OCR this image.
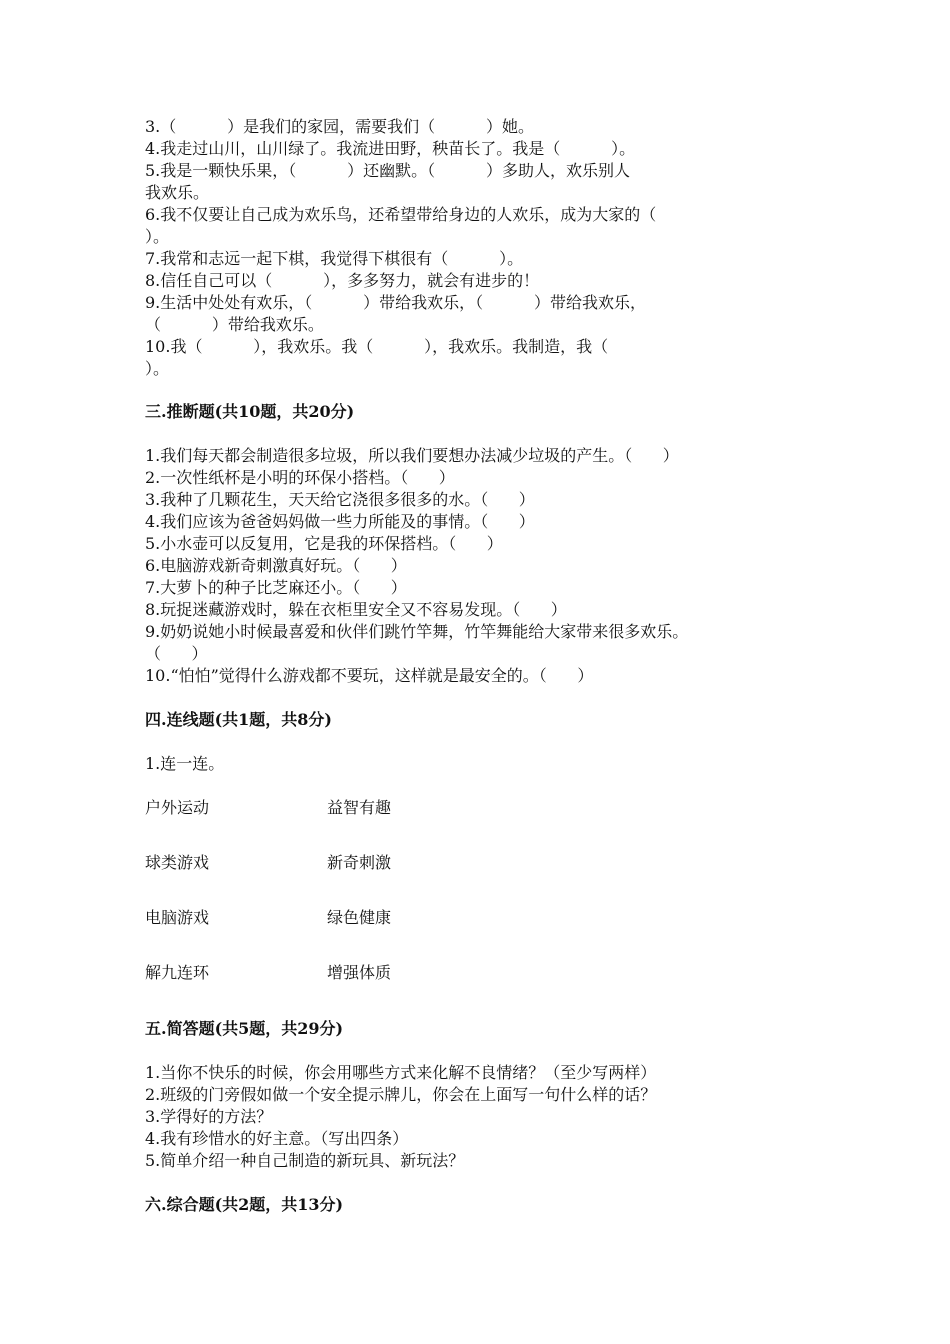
3.（          ）是我们的家园，需要我们（          ）她。

4.我走过山川，山川绿了。我流进田野，秧苗长了。我是（          ）。

5.我是一颗快乐果，（          ）还幽默。（          ）多助人，欢乐别人

我欢乐。

6.我不仅要让自己成为欢乐鸟，还希望带给身边的人欢乐，成为大家的（

）。

7.我常和志远一起下棋，我觉得下棋很有（          ）。

8.信任自己可以（          ），多多努力，就会有进步的！

9.生活中处处有欢乐，（          ）带给我欢乐，（          ）带给我欢乐，

（          ）带给我欢乐。

10.我（          ），我欢乐。我（          ），我欢乐。我制造，我（

）。

三.推断题(共10题，共20分)

1.我们每天都会制造很多垃圾，所以我们要想办法减少垃圾的产生。（      ）

2.一次性纸杯是小明的环保小搭档。（      ）

3.我种了几颗花生，天天给它浇很多很多的水。（      ）

4.我们应该为爸爸妈妈做一些力所能及的事情。（      ）

5.小水壶可以反复用，它是我的环保搭档。（      ）

6.电脑游戏新奇刺激真好玩。（      ）

7.大萝卜的种子比芝麻还小。（      ）

8.玩捉迷藏游戏时，躲在衣柜里安全又不容易发现。（      ）

9.奶奶说她小时候最喜爱和伙伴们跳竹竿舞，竹竿舞能给大家带来很多欢乐。

（      ）

10.“怕怕”觉得什么游戏都不要玩，这样就是最安全的。（      ）

四.连线题(共1题，共8分)

1.连一连。

户外运动	益智有趣
球类游戏	新奇刺激
电脑游戏	绿色健康
解九连环	增强体质

五.简答题(共5题，共29分)

1.当你不快乐的时候，你会用哪些方式来化解不良情绪？（至少写两样）

2.班级的门旁假如做一个安全提示牌儿，你会在上面写一句什么样的话？

3.学得好的方法？

4.我有珍惜水的好主意。（写出四条）

5.简单介绍一种自己制造的新玩具、新玩法？

六.综合题(共2题，共13分)
